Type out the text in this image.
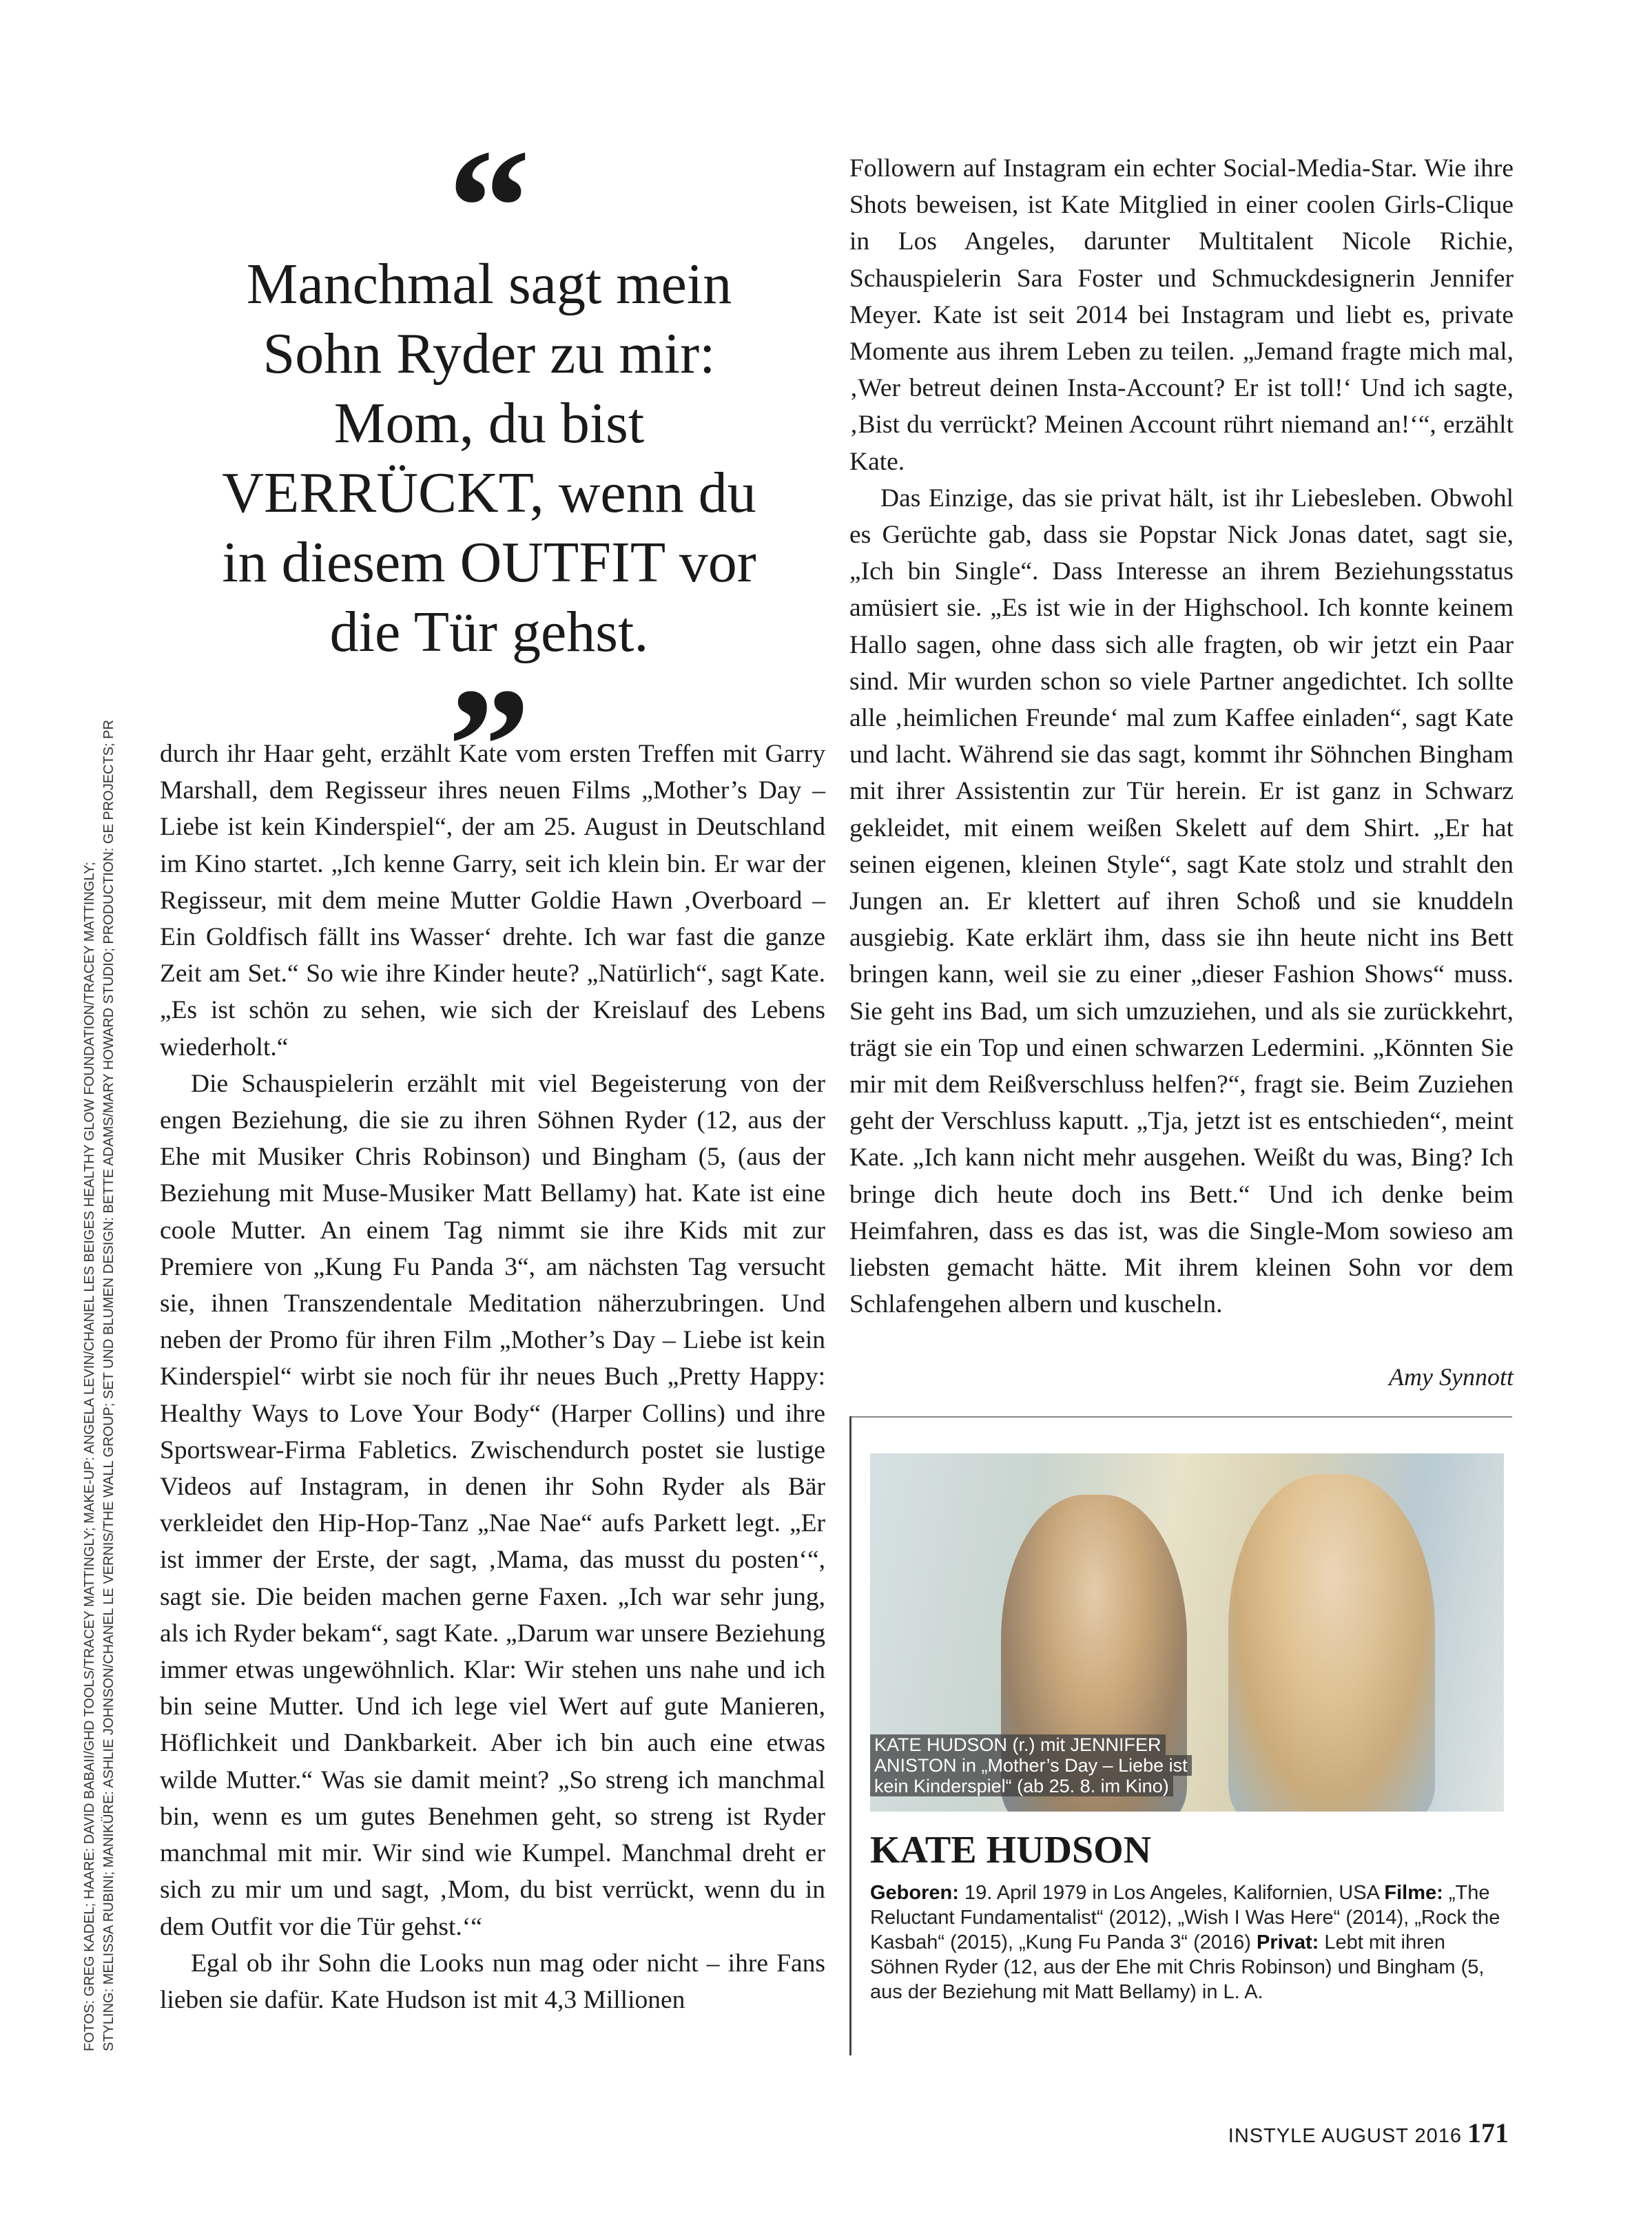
FOTOS: GREG KADEL; HAARE: DAVID BABAII/GHD TOOLS/TRACEY MATTINGLY; MAKE-UP: ANGELA LEVIN/CHANEL LES BEIGES HEALTHY GLOW FOUNDATION/TRACEY MATTINGLY; STYLING: MELISSA RUBINI; MANIKÜRE: ASHLIE JOHNSON/CHANEL LE VERNIS/THE WALL GROUP; SET UND BLUMEN DESIGN: BETTE ADAMS/MARY HOWARD STUDIO; PRODUCTION: GE PROJECTS; PR
“
Manchmal sagt mein Sohn Ryder zu mir: Mom, du bist VERRÜCKT, wenn du in diesem OUTFIT vor die Tür gehst.
”

durch ihr Haar geht, erzählt Kate vom ersten Treffen mit Garry Marshall, dem Regisseur ihres neuen Films „Mother’s Day – Liebe ist kein Kinderspiel“, der am 25. August in Deutschland im Kino startet. „Ich kenne Garry, seit ich klein bin. Er war der Regisseur, mit dem meine Mutter Goldie Hawn ‚Overboard – Ein Goldfisch fällt ins Wasser‘ drehte. Ich war fast die ganze Zeit am Set.“ So wie ihre Kinder heute? „Natürlich“, sagt Kate. „Es ist schön zu sehen, wie sich der Kreislauf des Lebens wiederholt.“

Die Schauspielerin erzählt mit viel Begeisterung von der engen Beziehung, die sie zu ihren Söhnen Ryder (12, aus der Ehe mit Musiker Chris Robinson) und Bingham (5, (aus der Beziehung mit Muse-Musiker Matt Bellamy) hat. Kate ist eine coole Mutter. An einem Tag nimmt sie ihre Kids mit zur Premiere von „Kung Fu Panda 3“, am nächsten Tag versucht sie, ihnen Transzendentale Meditation näherzubringen. Und neben der Promo für ihren Film „Mother’s Day – Liebe ist kein Kinderspiel“ wirbt sie noch für ihr neues Buch „Pretty Happy: Healthy Ways to Love Your Body“ (Harper Collins) und ihre Sportswear-Firma Fabletics. Zwischendurch postet sie lustige Videos auf Instagram, in denen ihr Sohn Ryder als Bär verkleidet den Hip-Hop-Tanz „Nae Nae“ aufs Parkett legt. „Er ist immer der Erste, der sagt, ‚Mama, das musst du posten‘“, sagt sie. Die beiden machen gerne Faxen. „Ich war sehr jung, als ich Ryder bekam“, sagt Kate. „Darum war unsere Beziehung immer etwas ungewöhnlich. Klar: Wir stehen uns nahe und ich bin seine Mutter. Und ich lege viel Wert auf gute Manieren, Höflichkeit und Dankbarkeit. Aber ich bin auch eine etwas wilde Mutter.“ Was sie damit meint? „So streng ich manchmal bin, wenn es um gutes Benehmen geht, so streng ist Ryder manchmal mit mir. Wir sind wie Kumpel. Manchmal dreht er sich zu mir um und sagt, ‚Mom, du bist verrückt, wenn du in dem Outfit vor die Tür gehst.‘“

Egal ob ihr Sohn die Looks nun mag oder nicht – ihre Fans lieben sie dafür. Kate Hudson ist mit 4,3 Millionen

Followern auf Instagram ein echter Social-Media-Star. Wie ihre Shots beweisen, ist Kate Mitglied in einer coolen Girls-Clique in Los Angeles, darunter Multitalent Nicole Richie, Schauspielerin Sara Foster und Schmuckdesignerin Jennifer Meyer. Kate ist seit 2014 bei Instagram und liebt es, private Momente aus ihrem Leben zu teilen. „Jemand fragte mich mal, ‚Wer betreut deinen Insta-Account? Er ist toll!‘ Und ich sagte, ‚Bist du verrückt? Meinen Account rührt niemand an!‘“, erzählt Kate.

Das Einzige, das sie privat hält, ist ihr Liebesleben. Obwohl es Gerüchte gab, dass sie Popstar Nick Jonas datet, sagt sie, „Ich bin Single“. Dass Interesse an ihrem Beziehungsstatus amüsiert sie. „Es ist wie in der Highschool. Ich konnte keinem Hallo sagen, ohne dass sich alle fragten, ob wir jetzt ein Paar sind. Mir wurden schon so viele Partner angedichtet. Ich sollte alle ‚heimlichen Freunde‘ mal zum Kaffee einladen“, sagt Kate und lacht. Während sie das sagt, kommt ihr Söhnchen Bingham mit ihrer Assistentin zur Tür herein. Er ist ganz in Schwarz gekleidet, mit einem weißen Skelett auf dem Shirt. „Er hat seinen eigenen, kleinen Style“, sagt Kate stolz und strahlt den Jungen an. Er klettert auf ihren Schoß und sie knuddeln ausgiebig. Kate erklärt ihm, dass sie ihn heute nicht ins Bett bringen kann, weil sie zu einer „dieser Fashion Shows“ muss. Sie geht ins Bad, um sich umzuziehen, und als sie zurückkehrt, trägt sie ein Top und einen schwarzen Ledermini. „Könnten Sie mir mit dem Reißverschluss helfen?“, fragt sie. Beim Zuziehen geht der Verschluss kaputt. „Tja, jetzt ist es entschieden“, meint Kate. „Ich kann nicht mehr ausgehen. Weißt du was, Bing? Ich bringe dich heute doch ins Bett.“ Und ich denke beim Heimfahren, dass es das ist, was die Single-Mom sowieso am liebsten gemacht hätte. Mit ihrem kleinen Sohn vor dem Schlafengehen albern und kuscheln.

Amy Synnott
KATE HUDSON (r.) mit JENNIFER
ANISTON in „Mother’s Day – Liebe ist
kein Kinderspiel“ (ab 25. 8. im Kino)
KATE HUDSON
Geboren: 19. April 1979 in Los Angeles, Kalifornien, USA Filme: „The Reluctant Fundamentalist“ (2012), „Wish I Was Here“ (2014), „Rock the Kasbah“ (2015), „Kung Fu Panda 3“ (2016) Privat: Lebt mit ihren Söhnen Ryder (12, aus der Ehe mit Chris Robinson) und Bingham (5, aus der Beziehung mit Matt Bellamy) in L. A.
INSTYLE AUGUST 2016 171
